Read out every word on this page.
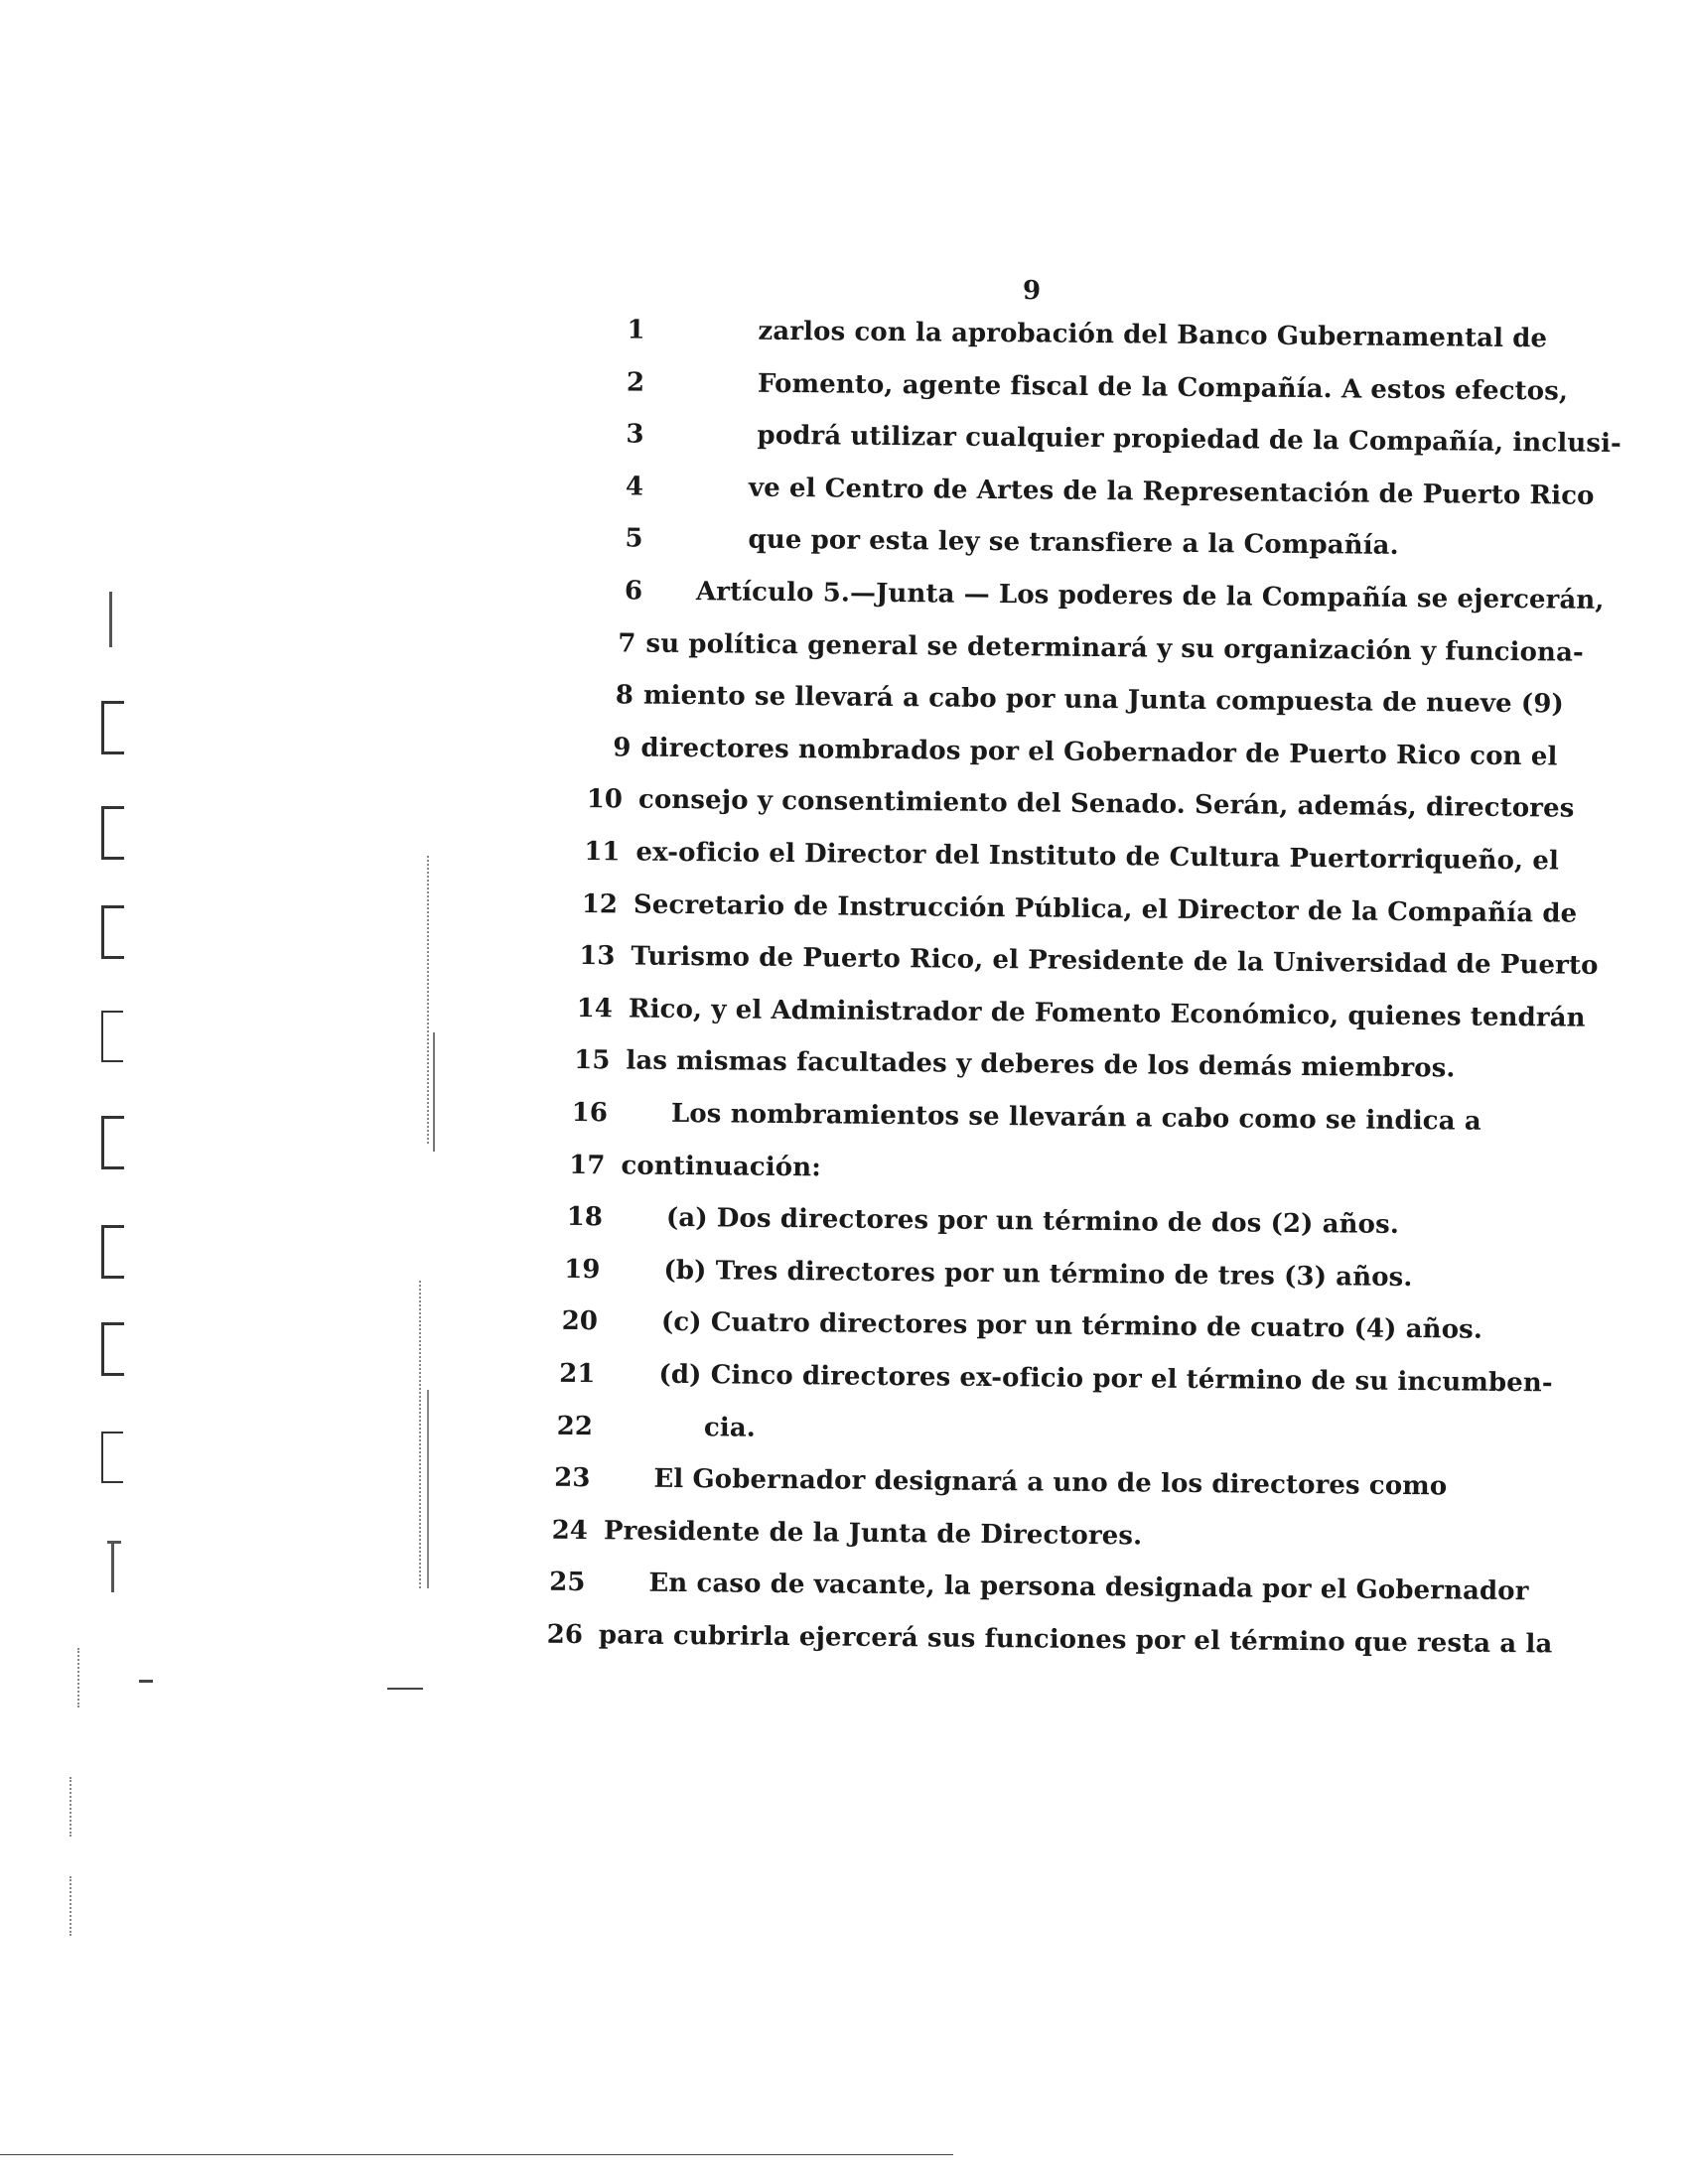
9
1	zarlos con la aprobación del Banco Gubernamental de
2	Fomento, agente fiscal de la Compañía. A estos efectos,
3	podrá utilizar cualquier propiedad de la Compañía, inclusi-
4	ve el Centro de Artes de la Representación de Puerto Rico
5	que por esta ley se transfiere a la Compañía.
6 Artículo 5.—Junta — Los poderes de la Compañía se ejercerán,
7 su política general se determinará y su organización y funciona-
8 miento se llevará a cabo por una Junta compuesta de nueve (9)
9 directores nombrados por el Gobernador de Puerto Rico con el
10 consejo y consentimiento del Senado. Serán, además, directores
11 ex-oficio el Director del Instituto de Cultura Puertorriqueño, el
12 Secretario de Instrucción Pública, el Director de la Compañía de
13 Turismo de Puerto Rico, el Presidente de la Universidad de Puerto
14 Rico, y el Administrador de Fomento Económico, quienes tendrán
15 las mismas facultades y deberes de los demás miembros.
16 Los nombramientos se llevarán a cabo como se indica a
17 continuación:
18 (a) Dos directores por un término de dos (2) años.
19 (b) Tres directores por un término de tres (3) años.
20 (c) Cuatro directores por un término de cuatro (4) años.
21 (d) Cinco directores ex-oficio por el término de su incumben-
22	cia.
23 El Gobernador designará a uno de los directores como
24 Presidente de la Junta de Directores.
25 En caso de vacante, la persona designada por el Gobernador
26 para cubrirla ejercerá sus funciones por el término que resta a la
